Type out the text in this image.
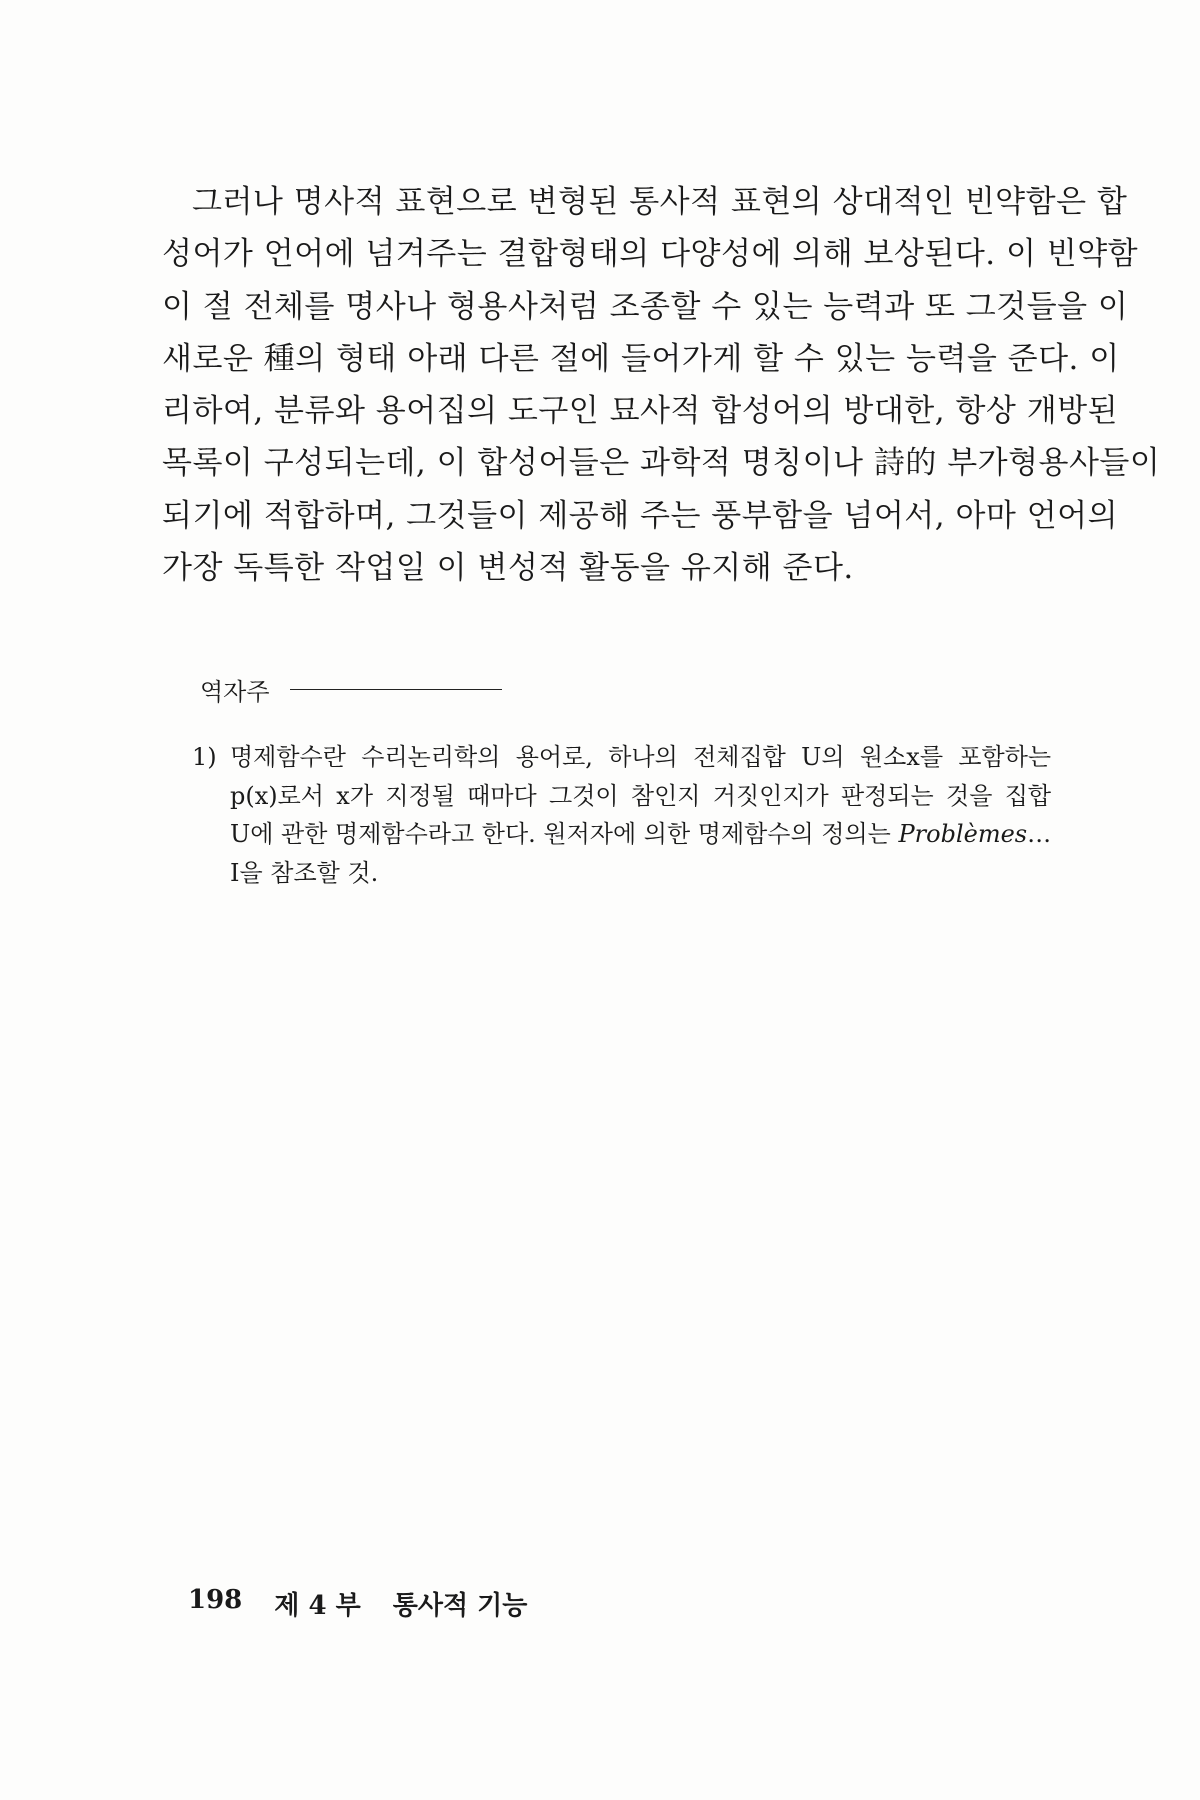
그러나 명사적 표현으로 변형된 통사적 표현의 상대적인 빈약함은 합
성어가 언어에 넘겨주는 결합형태의 다양성에 의해 보상된다. 이 빈약함
이 절 전체를 명사나 형용사처럼 조종할 수 있는 능력과 또 그것들을 이
새로운 種의 형태 아래 다른 절에 들어가게 할 수 있는 능력을 준다. 이
리하여, 분류와 용어집의 도구인 묘사적 합성어의 방대한, 항상 개방된
목록이 구성되는데, 이 합성어들은 과학적 명칭이나 詩的 부가형용사들이
되기에 적합하며, 그것들이 제공해 주는 풍부함을 넘어서, 아마 언어의
가장 독특한 작업일 이 변성적 활동을 유지해 준다.
역자주
1) 명제함수란 수리논리학의 용어로, 하나의 전체집합 U의 원소x를 포함하는
p(x)로서 x가 지정될 때마다 그것이 참인지 거짓인지가 판정되는 것을 집합
U에 관한 명제함수라고 한다. 원저자에 의한 명제함수의 정의는 Problèmes…
I을 참조할 것.
198 제 4 부 통사적 기능
